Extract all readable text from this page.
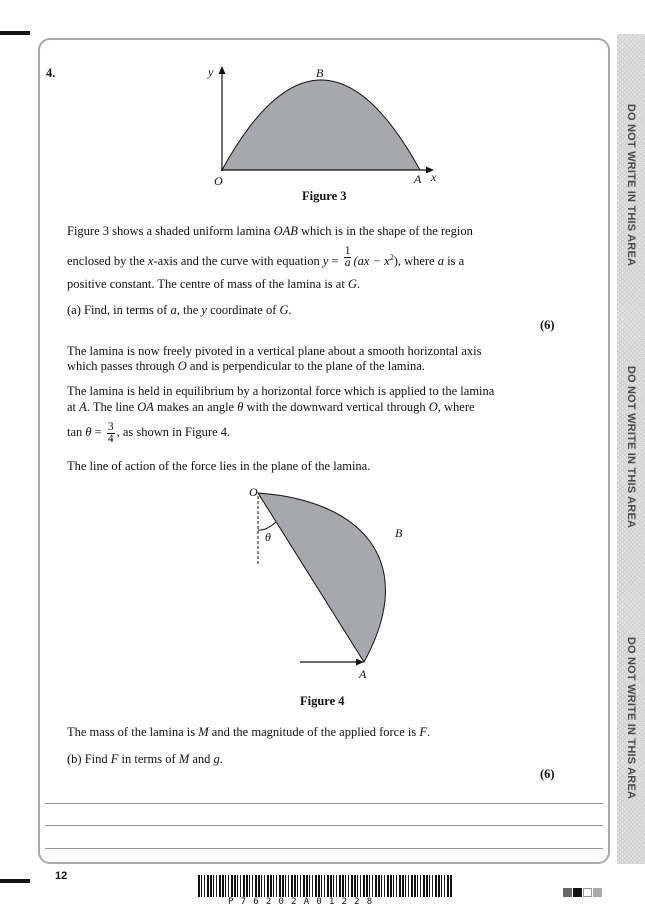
DO NOT WRITE IN THIS AREA
DO NOT WRITE IN THIS AREA
DO NOT WRITE IN THIS AREA
4.	y	B
O	A x
Figure 3
Figure 3 shows a shaded uniform lamina OAB which is in the shape of the region
enclosed by the x-axis and the curve with equation $y = \frac{1}{a} (ax - x^2)$, where a is a
positive constant. The centre of mass of the lamina is at G.
(a) Find, in terms of a, the y coordinate of G.
(6)
The lamina is now freely pivoted in a vertical plane about a smooth horizontal axis
which passes through O and is perpendicular to the plane of the lamina.
The lamina is held in equilibrium by a horizontal force which is applied to the lamina
at A. The line OA makes an angle θ with the downward vertical through O, where
$\tan \theta = \frac{3}{4}$ , as shown in Figure 4.
The line of action of the force lies in the plane of the lamina.
O
B
θ
A
Figure 4
The mass of the lamina is M and the magnitude of the applied force is F.
(b) Find F in terms of M and g.
(6)
12
P76202A01228
